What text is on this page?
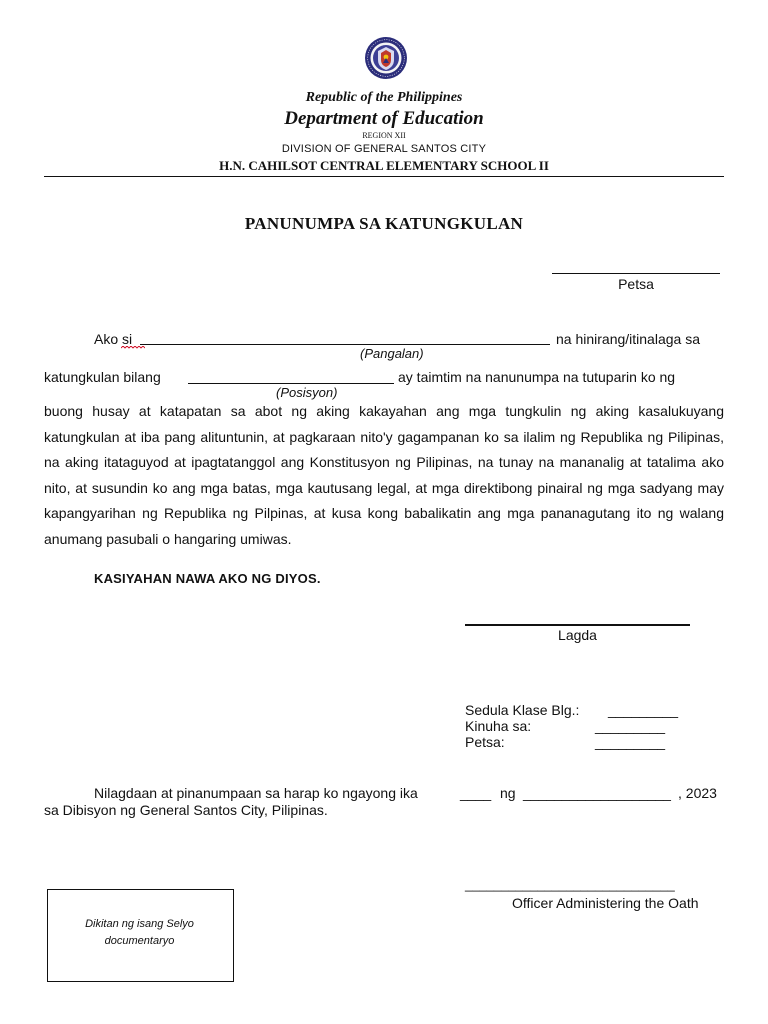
Republic of the Philippines
Department of Education
REGION XII
DIVISION OF GENERAL SANTOS CITY
H.N. CAHILSOT CENTRAL ELEMENTARY SCHOOL II
PANUNUMPA SA KATUNGKULAN
Petsa
Ako si	na hinirang/itinalaga sa
(Pangalan)
katungkulan bilang	ay taimtim na nanunumpa na tutuparin ko ng
(Posisyon)
buong husay at katapatan sa abot ng aking kakayahan ang mga tungkulin ng aking kasalukuyang katungkulan at iba pang alituntunin, at pagkaraan nito'y gagampanan ko sa ilalim ng Republika ng Pilipinas, na aking itataguyod at ipagtatanggol ang Konstitusyon ng Pilipinas, na tunay na mananalig at tatalima ako nito, at susundin ko ang mga batas, mga kautusang legal, at mga direktibong pinairal ng mga sadyang may kapangyarihan ng Republika ng Pilpinas, at kusa kong babalikatin ang mga pananagutang ito ng walang anumang pasubali o hangaring umiwas.
KASIYAHAN NAWA AKO NG DIYOS.
Lagda
Sedula Klase Blg.: _________
Kinuha sa:	_________
Petsa:	_________
Nilagdaan at pinanumpaan sa harap ko ngayong ika	____ ng ___________________ , 2023
sa Dibisyon ng General Santos City, Pilipinas.
_____________________________
Officer Administering the Oath
Dikitan ng isang Selyo
documentaryo
